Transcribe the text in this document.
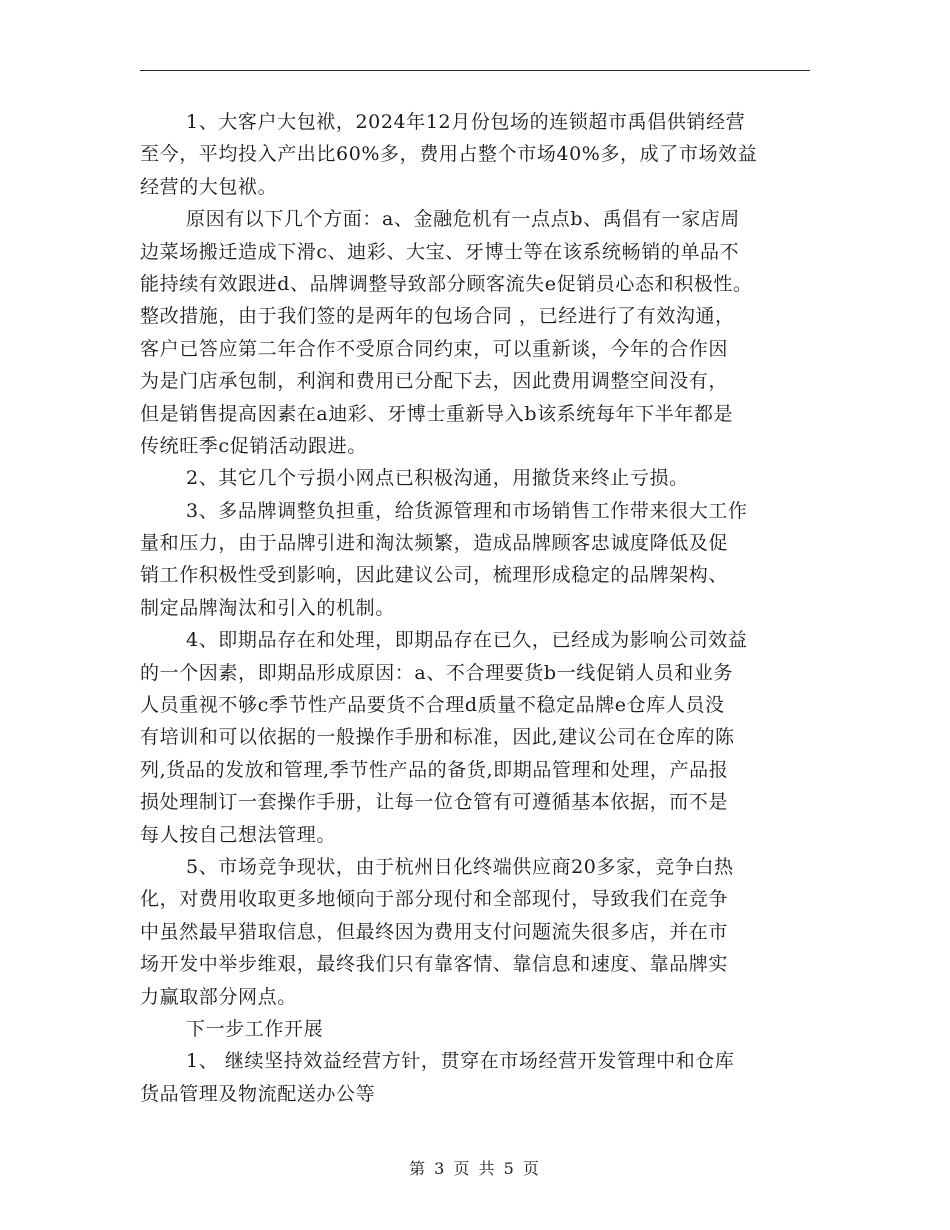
1、大客户大包袱，2024年12月份包场的连锁超市禹倡供销经营
至今，平均投入产出比60%多，费用占整个市场40%多，成了市场效益
经营的大包袱。
原因有以下几个方面：a、金融危机有一点点b、禹倡有一家店周
边菜场搬迁造成下滑c、迪彩、大宝、牙博士等在该系统畅销的单品不
能持续有效跟进d、品牌调整导致部分顾客流失e促销员心态和积极性。
整改措施，由于我们签的是两年的包场合同 ，已经进行了有效沟通，
客户已答应第二年合作不受原合同约束，可以重新谈，今年的合作因
为是门店承包制，利润和费用已分配下去，因此费用调整空间没有，
但是销售提高因素在a迪彩、牙博士重新导入b该系统每年下半年都是
传统旺季c促销活动跟进。
2、其它几个亏损小网点已积极沟通，用撤货来终止亏损。
3、多品牌调整负担重，给货源管理和市场销售工作带来很大工作
量和压力，由于品牌引进和淘汰频繁，造成品牌顾客忠诚度降低及促
销工作积极性受到影响，因此建议公司，梳理形成稳定的品牌架构、
制定品牌淘汰和引入的机制。
4、即期品存在和处理，即期品存在已久，已经成为影响公司效益
的一个因素，即期品形成原因：a、不合理要货b一线促销人员和业务
人员重视不够c季节性产品要货不合理d质量不稳定品牌e仓库人员没
有培训和可以依据的一般操作手册和标准，因此,建议公司在仓库的陈
列,货品的发放和管理,季节性产品的备货,即期品管理和处理，产品报
损处理制订一套操作手册，让每一位仓管有可遵循基本依据，而不是
每人按自己想法管理。
5、市场竞争现状，由于杭州日化终端供应商20多家，竞争白热
化，对费用收取更多地倾向于部分现付和全部现付，导致我们在竞争
中虽然最早猎取信息，但最终因为费用支付问题流失很多店，并在市
场开发中举步维艰，最终我们只有靠客情、靠信息和速度、靠品牌实
力赢取部分网点。
下一步工作开展
1、 继续坚持效益经营方针，贯穿在市场经营开发管理中和仓库
货品管理及物流配送办公等
第 3 页 共 5 页
